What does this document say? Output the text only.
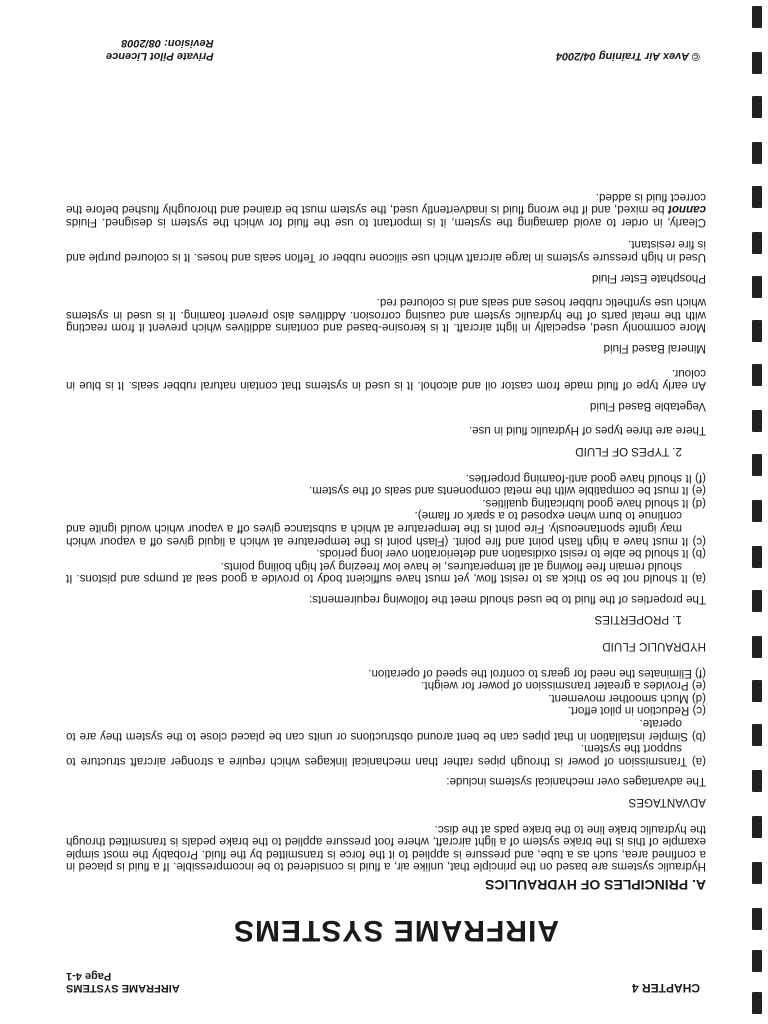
CHAPTER 4
AIRFRAME SYSTEMS
Page 4-1
AIRFRAME SYSTEMS
A. PRINCIPLES OF HYDRAULICS

Hydraulic systems are based on the principle that, unlike air, a fluid is considered to be incompressible. If a fluid is placed in a confined area, such as a tube, and pressure is applied to it the force is transmitted by the fluid. Probably the most simple example of this is the brake system of a light aircraft, where foot pressure applied to the brake pedals is transmitted through the hydraulic brake line to the brake pads at the disc.

ADVANTAGES

The advantages over mechanical systems include:

(a) Transmission of power is through pipes rather than mechanical linkages which require a stronger aircraft structure to support the system.

(b) Simpler installation in that pipes can be bent around obstructions or units can be placed close to the system they are to operate.

(c) Reduction in pilot effort.

(d) Much smoother movement.

(e) Provides a greater transmission of power for weight.

(f) Eliminates the need for gears to control the speed of operation.

HYDRAULIC FLUID
1. PROPERTIES

The properties of the fluid to be used should meet the following requirements:

(a) It should not be so thick as to resist flow, yet must have sufficient body to provide a good seal at pumps and pistons. It should remain free flowing at all temperatures, ie have low freezing yet high boiling points.

(b) It should be able to resist oxidisation and deterioration over long periods.

(c) It must have a high flash point and fire point. (Flash point is the temperature at which a liquid gives off a vapour which may ignite spontaneously. Fire point is the temperature at which a substance gives off a vapour which would ignite and continue to burn when exposed to a spark or flame).

(d) It should have good lubricating qualities.

(e) It must be compatible with the metal components and seals of the system.

(f) It should have good anti-foaming properties.

2. TYPES OF FLUID

There are three types of Hydraulic fluid in use.

Vegetable Based Fluid

An early type of fluid made from castor oil and alcohol. It is used in systems that contain natural rubber seals. It is blue in colour.

Mineral Based Fluid

More commonly used, especially in light aircraft. It is kerosine-based and contains additives which prevent it from reacting with the metal parts of the hydraulic system and causing corrosion. Additives also prevent foaming. It is used in systems which use synthetic rubber hoses and seals and is coloured red.

Phosphate Ester Fluid

Used in high pressure systems in large aircraft which use silicone rubber or Teflon seals and hoses. It is coloured purple and is fire resistant.

Clearly, in order to avoid damaging the system, it is important to use the fluid for which the system is designed. Fluids cannot be mixed, and if the wrong fluid is inadvertently used, the system must be drained and thoroughly flushed before the correct fluid is added.

© Avex Air Training 04/2004
Private Pilot Licence
Revision: 08/2008
